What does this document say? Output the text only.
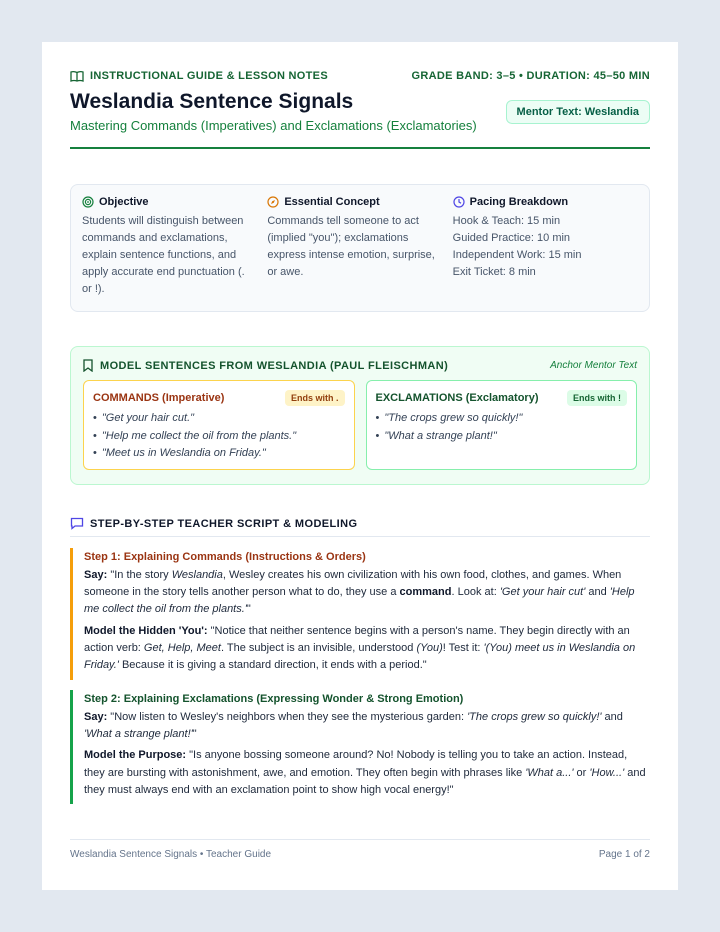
INSTRUCTIONAL GUIDE & LESSON NOTES	GRADE BAND: 3–5 • DURATION: 45–50 MIN
Weslandia Sentence Signals
Mastering Commands (Imperatives) and Exclamations (Exclamatories)
Mentor Text: Weslandia
Objective

Students will distinguish between commands and exclamations, explain sentence functions, and apply accurate end punctuation (. or !).

Essential Concept

Commands tell someone to act (implied "you"); exclamations express intense emotion, surprise, or awe.

Pacing Breakdown
Hook & Teach: 15 min
Guided Practice: 10 min
Independent Work: 15 min
Exit Ticket: 8 min
MODEL SENTENCES FROM WESLANDIA (PAUL FLEISCHMAN)	Anchor Mentor Text
COMMANDS (Imperative)	Ends with .
• "Get your hair cut."
• "Help me collect the oil from the plants."
• "Meet us in Weslandia on Friday."
EXCLAMATIONS (Exclamatory)	Ends with !
• "The crops grew so quickly!"
• "What a strange plant!"
STEP-BY-STEP TEACHER SCRIPT & MODELING
Step 1: Explaining Commands (Instructions & Orders)

Say: "In the story Weslandia, Wesley creates his own civilization with his own food, clothes, and games. When someone in the story tells another person what to do, they use a command. Look at: 'Get your hair cut' and 'Help me collect the oil from the plants.'"

Model the Hidden 'You': "Notice that neither sentence begins with a person's name. They begin directly with an action verb: Get, Help, Meet. The subject is an invisible, understood (You)! Test it: '(You) meet us in Weslandia on Friday.' Because it is giving a standard direction, it ends with a period."

Step 2: Explaining Exclamations (Expressing Wonder & Strong Emotion)

Say: "Now listen to Wesley's neighbors when they see the mysterious garden: 'The crops grew so quickly!' and 'What a strange plant!'"

Model the Purpose: "Is anyone bossing someone around? No! Nobody is telling you to take an action. Instead, they are bursting with astonishment, awe, and emotion. They often begin with phrases like 'What a...' or 'How...' and they must always end with an exclamation point to show high vocal energy!"

Weslandia Sentence Signals • Teacher Guide	Page 1 of 2
